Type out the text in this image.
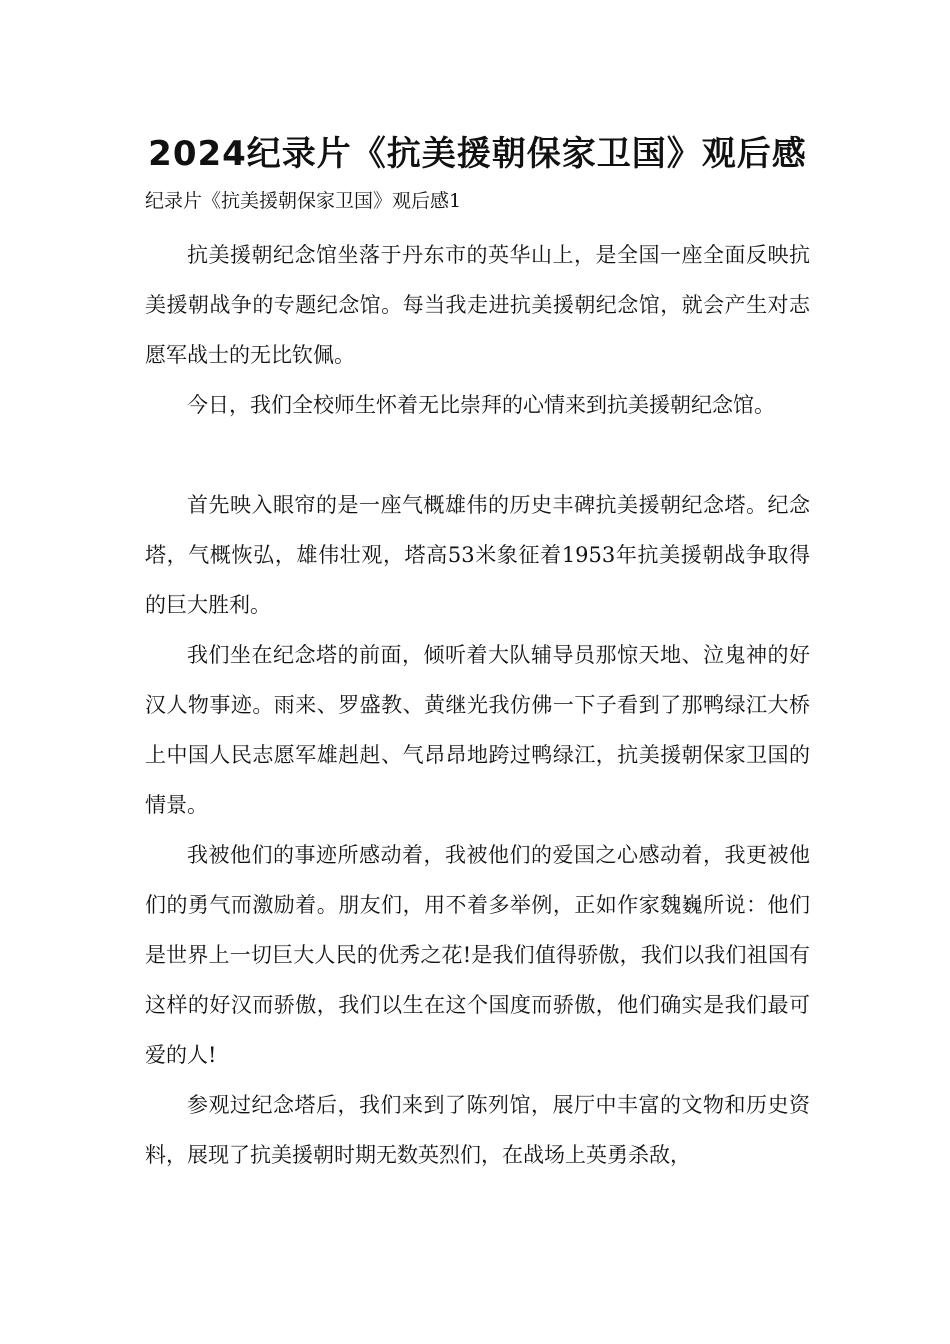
2024纪录片《抗美援朝保家卫国》观后感
纪录片《抗美援朝保家卫国》观后感1

抗美援朝纪念馆坐落于丹东市的英华山上，是全国一座全面反映抗美援朝战争的专题纪念馆。每当我走进抗美援朝纪念馆，就会产生对志愿军战士的无比钦佩。

今日，我们全校师生怀着无比崇拜的心情来到抗美援朝纪念馆。

首先映入眼帘的是一座气概雄伟的历史丰碑抗美援朝纪念塔。纪念塔，气概恢弘，雄伟壮观，塔高53米象征着1953年抗美援朝战争取得的巨大胜利。

我们坐在纪念塔的前面，倾听着大队辅导员那惊天地、泣鬼神的好汉人物事迹。雨来、罗盛教、黄继光我仿佛一下子看到了那鸭绿江大桥上中国人民志愿军雄赳赳、气昂昂地跨过鸭绿江，抗美援朝保家卫国的情景。

我被他们的事迹所感动着，我被他们的爱国之心感动着，我更被他们的勇气而激励着。朋友们，用不着多举例，正如作家魏巍所说：他们是世界上一切巨大人民的优秀之花!是我们值得骄傲，我们以我们祖国有这样的好汉而骄傲，我们以生在这个国度而骄傲，他们确实是我们最可爱的人!

参观过纪念塔后，我们来到了陈列馆，展厅中丰富的文物和历史资料，展现了抗美援朝时期无数英烈们，在战场上英勇杀敌，
